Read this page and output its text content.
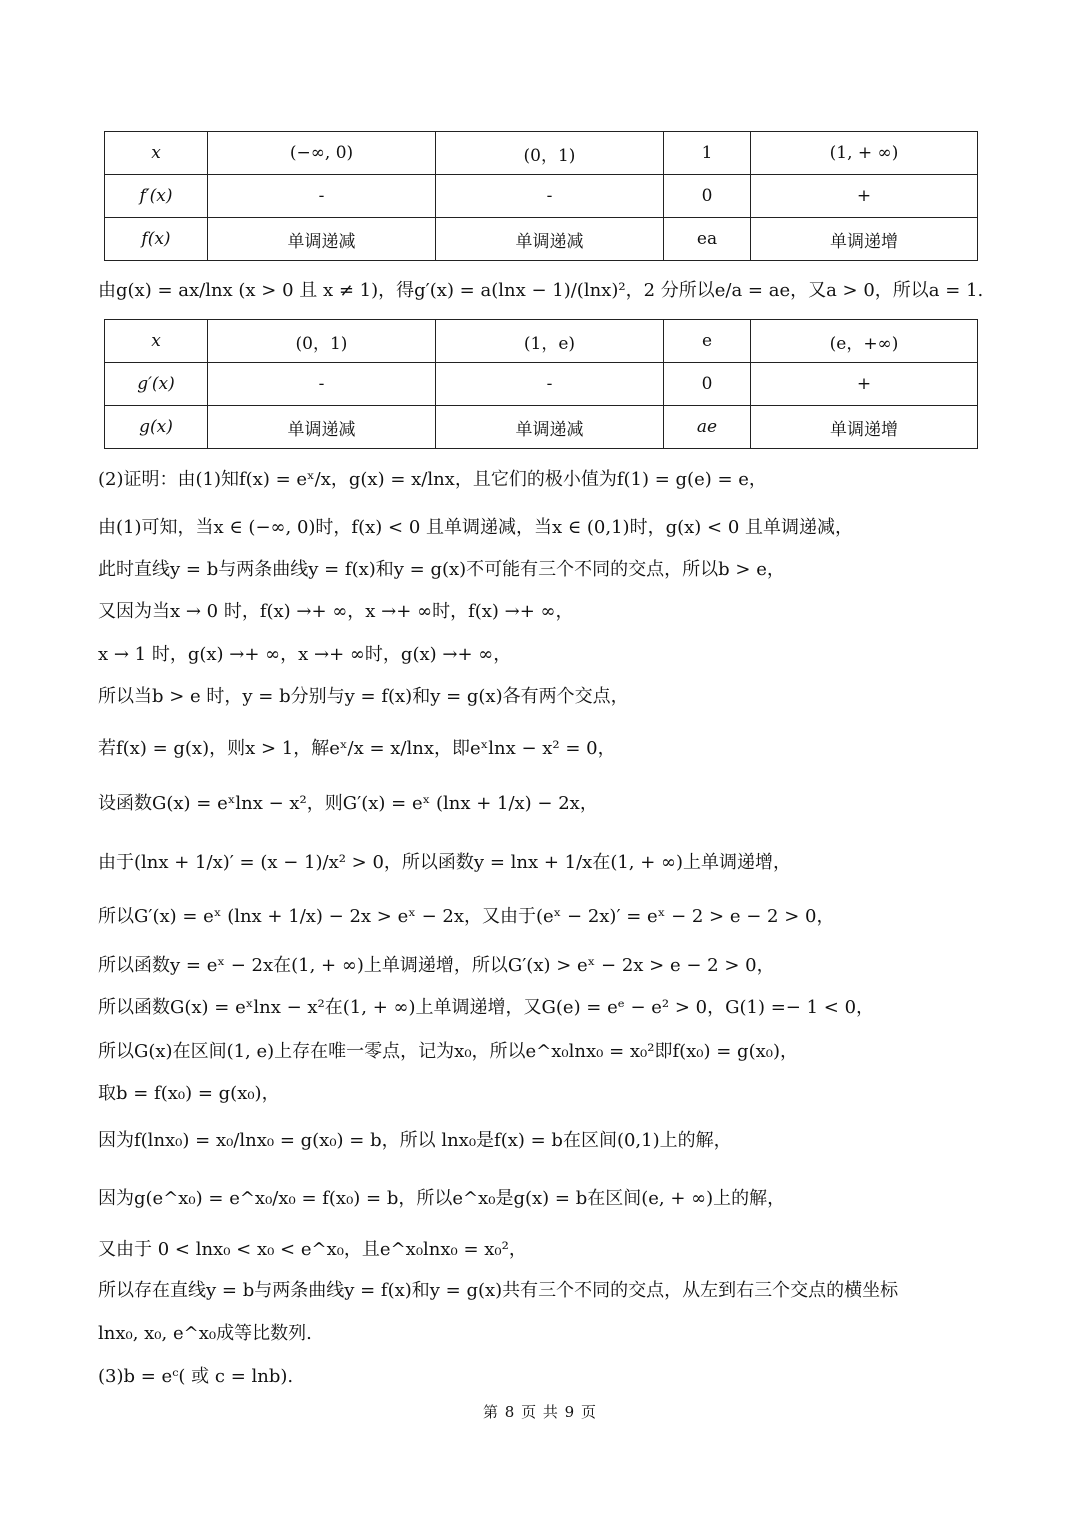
x	(−∞, 0)	(0，1)	1	(1, + ∞)
f′(x)	-	-	0	+
f(x)	单调递减	单调递减	ea	单调递增
由g(x) = ax/lnx (x > 0 且 x ≠ 1)，得g′(x) = a(lnx − 1)/(lnx)²，2 分所以e/a = ae，又a > 0，所以a = 1.
x	(0，1)	(1，e)	e	(e，+∞)
g′(x)	-	-	0	+
g(x)	单调递减	单调递减	ae	单调递增
(2)证明：由(1)知f(x) = eˣ/x，g(x) = x/lnx，且它们的极小值为f(1) = g(e) = e，
由(1)可知，当x ∈ (−∞, 0)时，f(x) < 0 且单调递减，当x ∈ (0,1)时，g(x) < 0 且单调递减，
此时直线y = b与两条曲线y = f(x)和y = g(x)不可能有三个不同的交点，所以b > e，
又因为当x → 0 时，f(x) →+ ∞，x →+ ∞时，f(x) →+ ∞，
x → 1 时，g(x) →+ ∞，x →+ ∞时，g(x) →+ ∞，
所以当b > e 时，y = b分别与y = f(x)和y = g(x)各有两个交点，
若f(x) = g(x)，则x > 1，解eˣ/x = x/lnx，即eˣlnx − x² = 0，
设函数G(x) = eˣlnx − x²，则G′(x) = eˣ (lnx + 1/x) − 2x，
由于(lnx + 1/x)′ = (x − 1)/x² > 0，所以函数y = lnx + 1/x在(1, + ∞)上单调递增，
所以G′(x) = eˣ (lnx + 1/x) − 2x > eˣ − 2x，又由于(eˣ − 2x)′ = eˣ − 2 > e − 2 > 0，
所以函数y = eˣ − 2x在(1, + ∞)上单调递增，所以G′(x) > eˣ − 2x > e − 2 > 0，
所以函数G(x) = eˣlnx − x²在(1, + ∞)上单调递增，又G(e) = eᵉ − e² > 0，G(1) =− 1 < 0，
所以G(x)在区间(1, e)上存在唯一零点，记为x₀，所以e^x₀lnx₀ = x₀²即f(x₀) = g(x₀)，
取b = f(x₀) = g(x₀)，
因为f(lnx₀) = x₀/lnx₀ = g(x₀) = b，所以 lnx₀是f(x) = b在区间(0,1)上的解，
因为g(e^x₀) = e^x₀/x₀ = f(x₀) = b，所以e^x₀是g(x) = b在区间(e, + ∞)上的解，
又由于 0 < lnx₀ < x₀ < e^x₀，且e^x₀lnx₀ = x₀²，
所以存在直线y = b与两条曲线y = f(x)和y = g(x)共有三个不同的交点，从左到右三个交点的横坐标
lnx₀, x₀, e^x₀成等比数列.
(3)b = eᶜ( 或 c = lnb).
第 8 页 共 9 页
